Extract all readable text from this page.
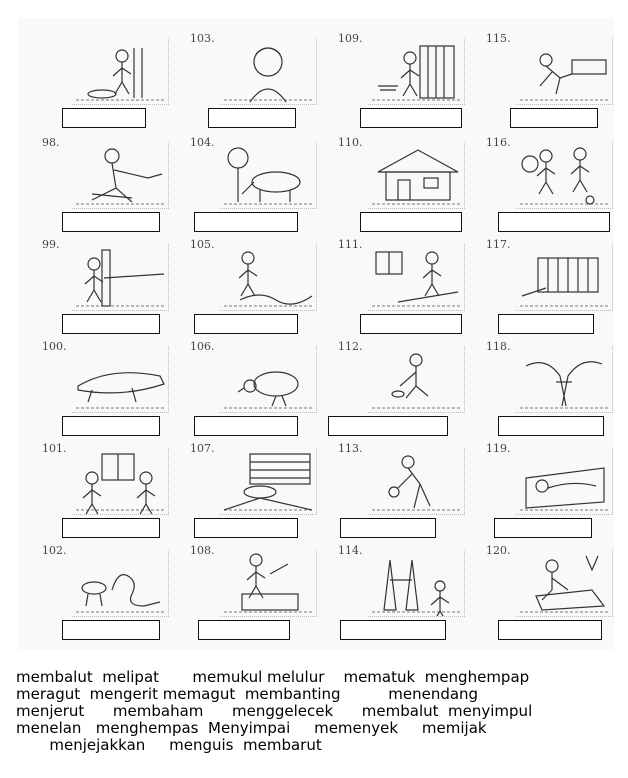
103.	109.	115.
98.	104.	110.	116.
99.	105.	111.	117.
100.	106.	112.	118.
101.	107.	113.	119.
102.	108.	114.	120.
membalut  melipat       memukul melulur    mematuk  menghempap
meragut  mengerit memagut  membanting          menendang
menjerut      membaham      menggelecek      membalut  menyimpul
menelan   menghempas  Menyimpai     memenyek     memijak
menjejakkan     menguis  membarut
